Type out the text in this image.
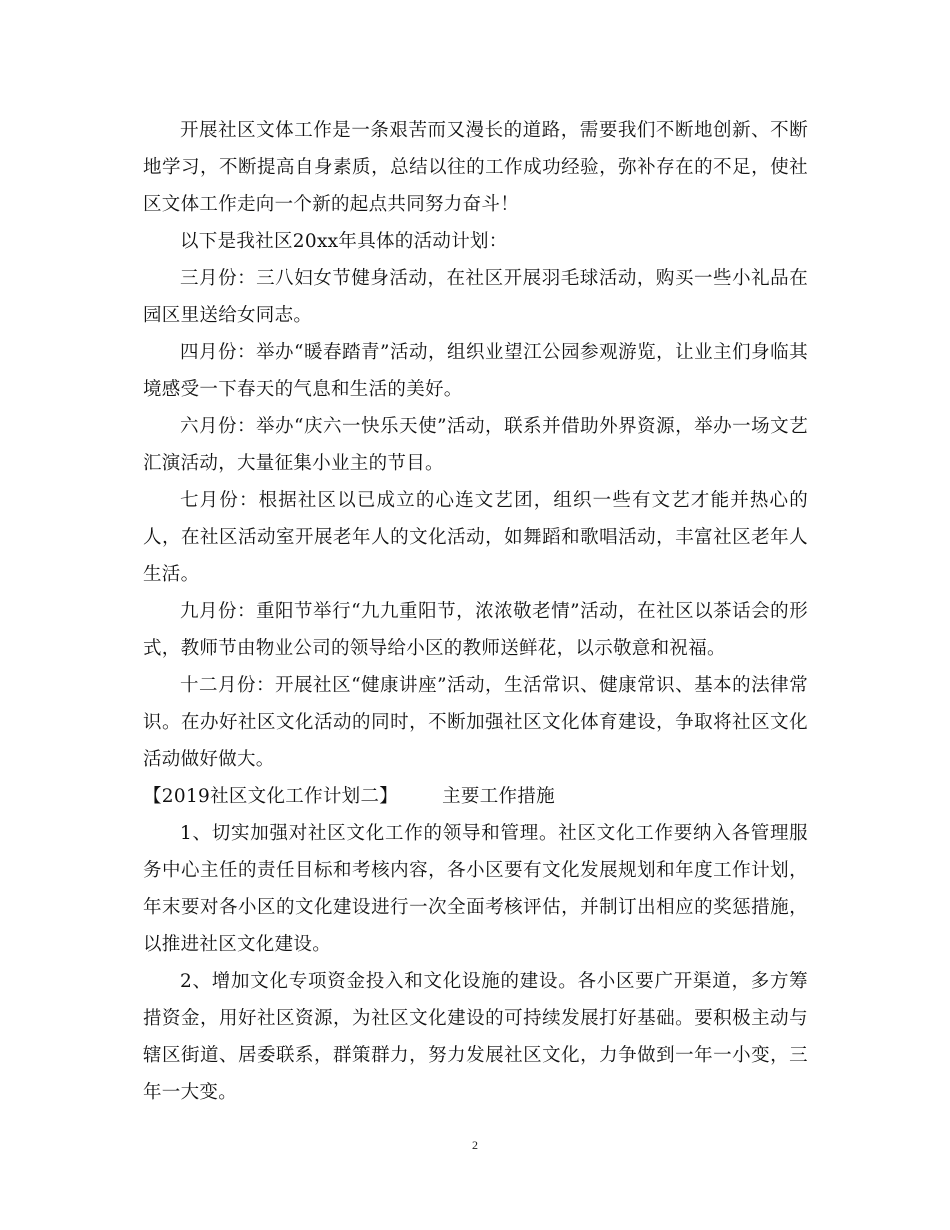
开展社区文体工作是一条艰苦而又漫长的道路，需要我们不断地创新、不断地学习，不断提高自身素质，总结以往的工作成功经验，弥补存在的不足，使社区文体工作走向一个新的起点共同努力奋斗！

以下是我社区20xx年具体的活动计划：

三月份：三八妇女节健身活动，在社区开展羽毛球活动，购买一些小礼品在园区里送给女同志。

四月份：举办“暖春踏青”活动，组织业望江公园参观游览，让业主们身临其境感受一下春天的气息和生活的美好。

六月份：举办“庆六一快乐天使”活动，联系并借助外界资源，举办一场文艺汇演活动，大量征集小业主的节目。

七月份：根据社区以已成立的心连文艺团，组织一些有文艺才能并热心的人，在社区活动室开展老年人的文化活动，如舞蹈和歌唱活动，丰富社区老年人生活。

九月份：重阳节举行“九九重阳节，浓浓敬老情”活动，在社区以茶话会的形式，教师节由物业公司的领导给小区的教师送鲜花，以示敬意和祝福。

十二月份：开展社区“健康讲座”活动，生活常识、健康常识、基本的法律常识。在办好社区文化活动的同时，不断加强社区文化体育建设，争取将社区文化活动做好做大。

【2019社区文化工作计划二】 主要工作措施

1、切实加强对社区文化工作的领导和管理。社区文化工作要纳入各管理服务中心主任的责任目标和考核内容，各小区要有文化发展规划和年度工作计划，年末要对各小区的文化建设进行一次全面考核评估，并制订出相应的奖惩措施，以推进社区文化建设。

2、增加文化专项资金投入和文化设施的建设。各小区要广开渠道，多方筹措资金，用好社区资源，为社区文化建设的可持续发展打好基础。要积极主动与辖区街道、居委联系，群策群力，努力发展社区文化，力争做到一年一小变，三年一大变。

2
